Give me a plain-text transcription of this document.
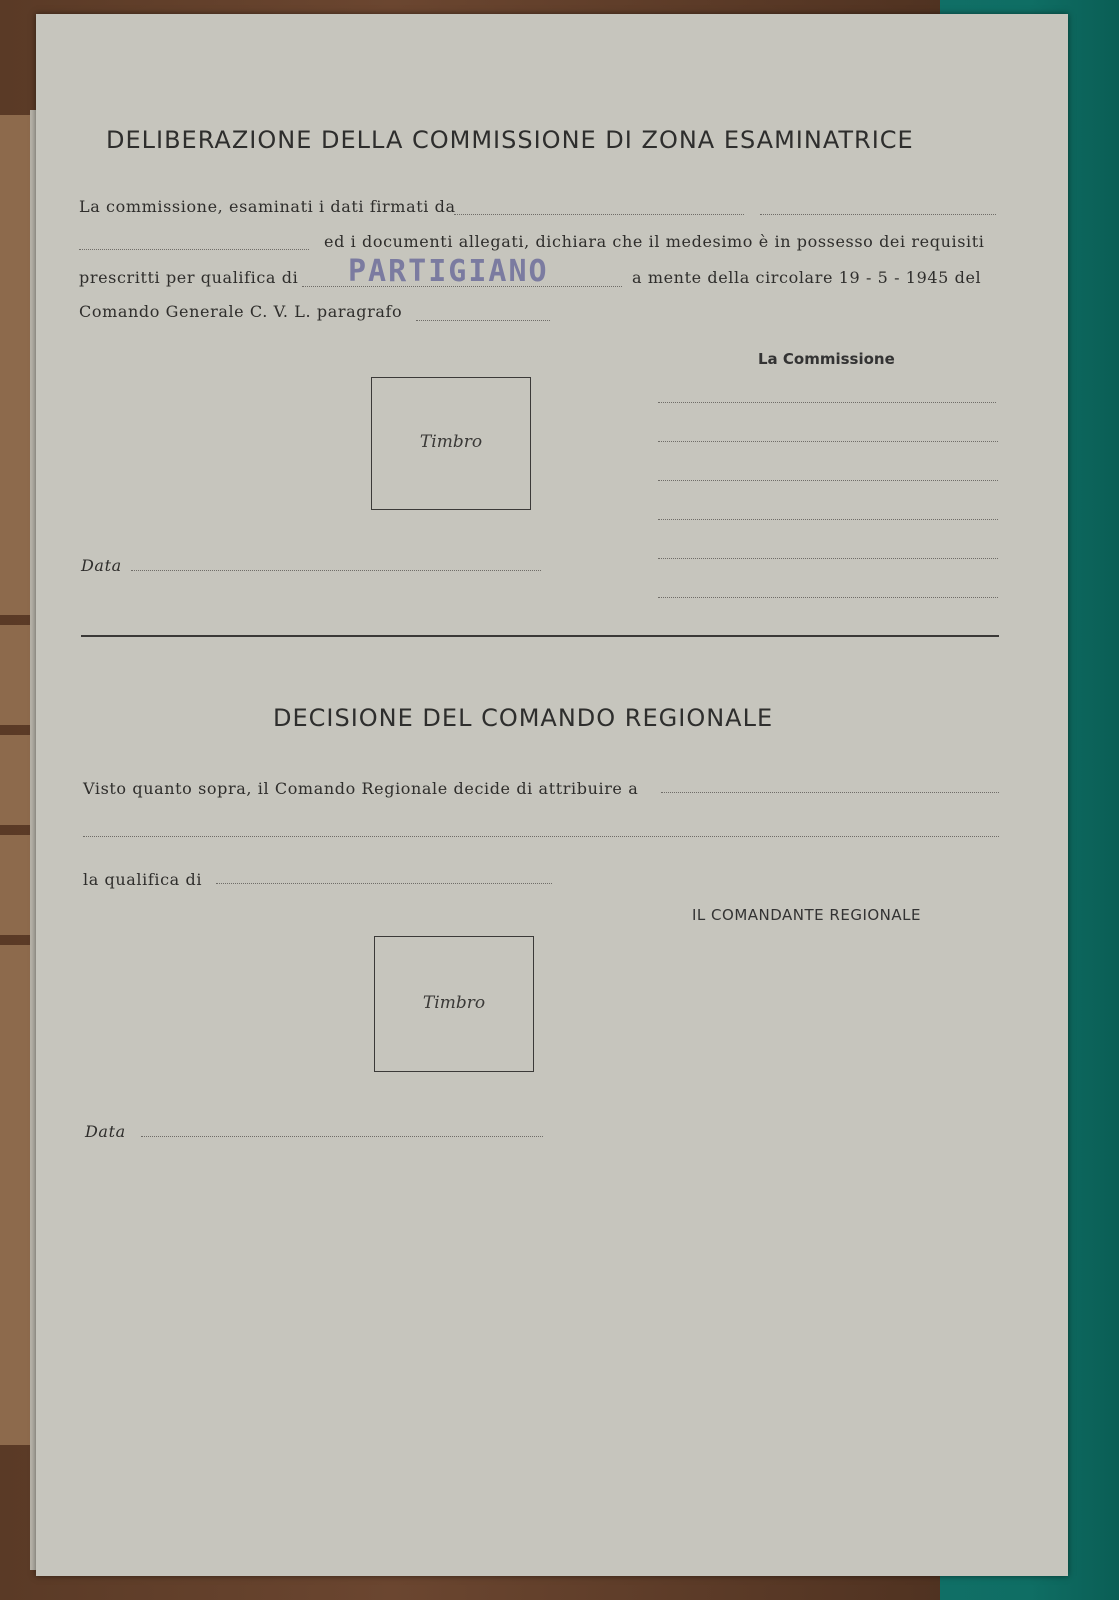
DELIBERAZIONE DELLA COMMISSIONE DI ZONA ESAMINATRICE
La commissione, esaminati i dati firmati da
ed i documenti allegati, dichiara che il medesimo è in possesso dei requisiti
prescritti per qualifica di PARTIGIANO	a mente della circolare 19 - 5 - 1945 del
Comando Generale C. V. L. paragrafo
La Commissione
Timbro
Data
DECISIONE DEL COMANDO REGIONALE
Visto quanto sopra, il Comando Regionale decide di attribuire a
la qualifica di
IL COMANDANTE REGIONALE
Timbro
Data
